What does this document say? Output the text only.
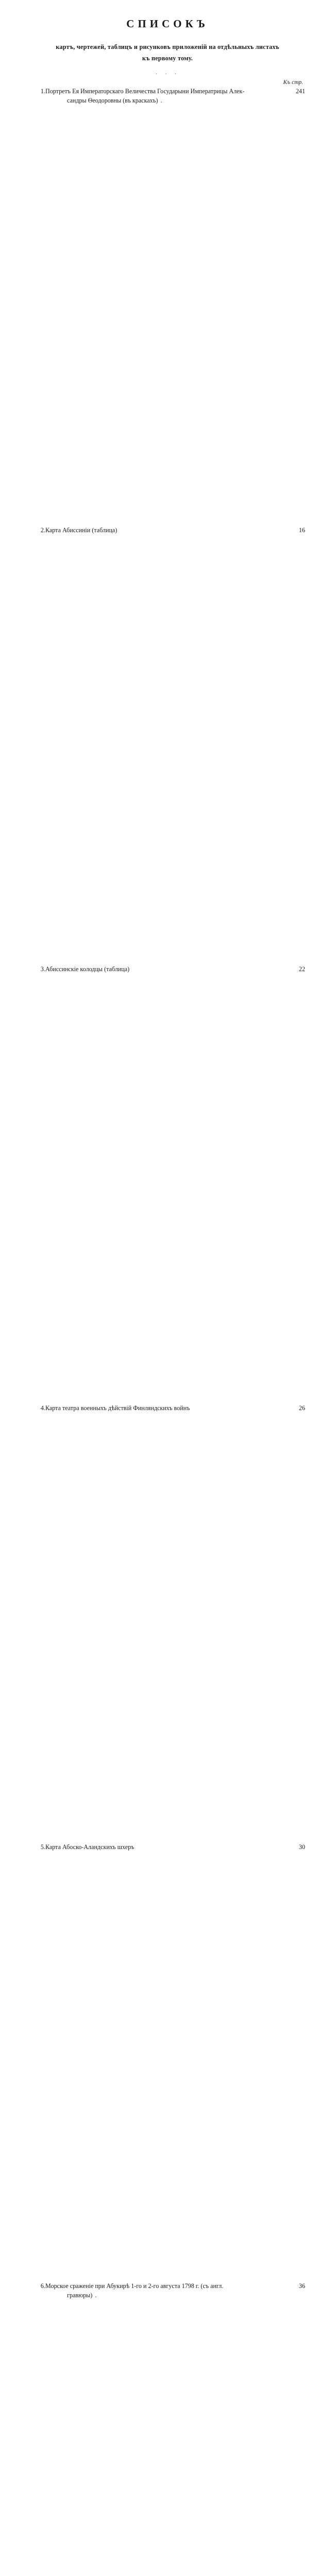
СПИСОКЪ
картъ, чертежей, таблицъ и рисунковъ приложеній на отдѣльныхъ листахъ
къ первому тому.
· · ·
Къ стр.
1.	Портретъ Ея Императорскаго Величества Государыни Императрицы Алек-
сандры Ѳеодоровны (въ краскахъ) .	241
2.	Карта Абиссиніи (таблица)	16
3.	Абиссинскіе колодцы (таблица)	22
4.	Карта театра военныхъ дѣйствій Финляндскихъ войнъ	26
5.	Карта Абоско-Аландскихъ шхеръ	30
6.	Морское сраженіе при Абукирѣ 1-го и 2-го августа 1798 г. (съ англ.
гравюры) .	36
